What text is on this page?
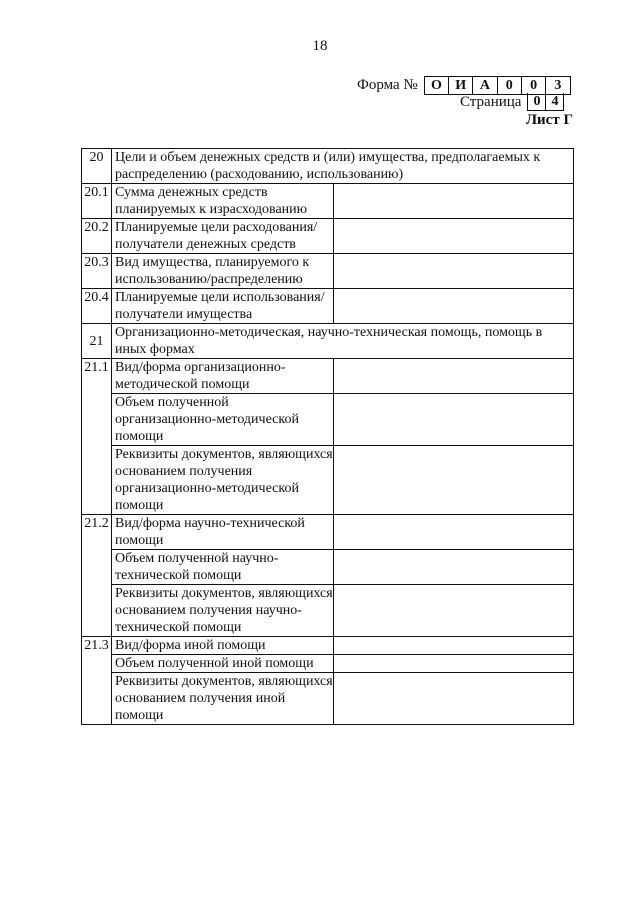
18
Форма № О И А	0	0	3
Страница 0 4
Лист Г
20	Цели и объем денежных средств и (или) имущества, предполагаемых к распределению (расходованию, использованию)	
20.1	Сумма денежных средств планируемых к израсходованию	
20.2	Планируемые цели расходования/получатели денежных средств	
20.3	Вид имущества, планируемого к использованию/распределению	
20.4	Планируемые цели использования/получатели имущества	
21	Организационно-методическая, научно-техническая помощь, помощь в иных формах	
21.1	Вид/форма организационно-методической помощи	
	Объем полученной организационно-методической помощи	
	Реквизиты документов, являющихся основанием получения организационно-методической помощи	
21.2	Вид/форма научно-технической помощи	
	Объем полученной научно-технической помощи	
	Реквизиты документов, являющихся основанием получения научно-технической помощи	
21.3	Вид/форма иной помощи	
	Объем полученной иной помощи	
	Реквизиты документов, являющихся основанием получения иной помощи	
